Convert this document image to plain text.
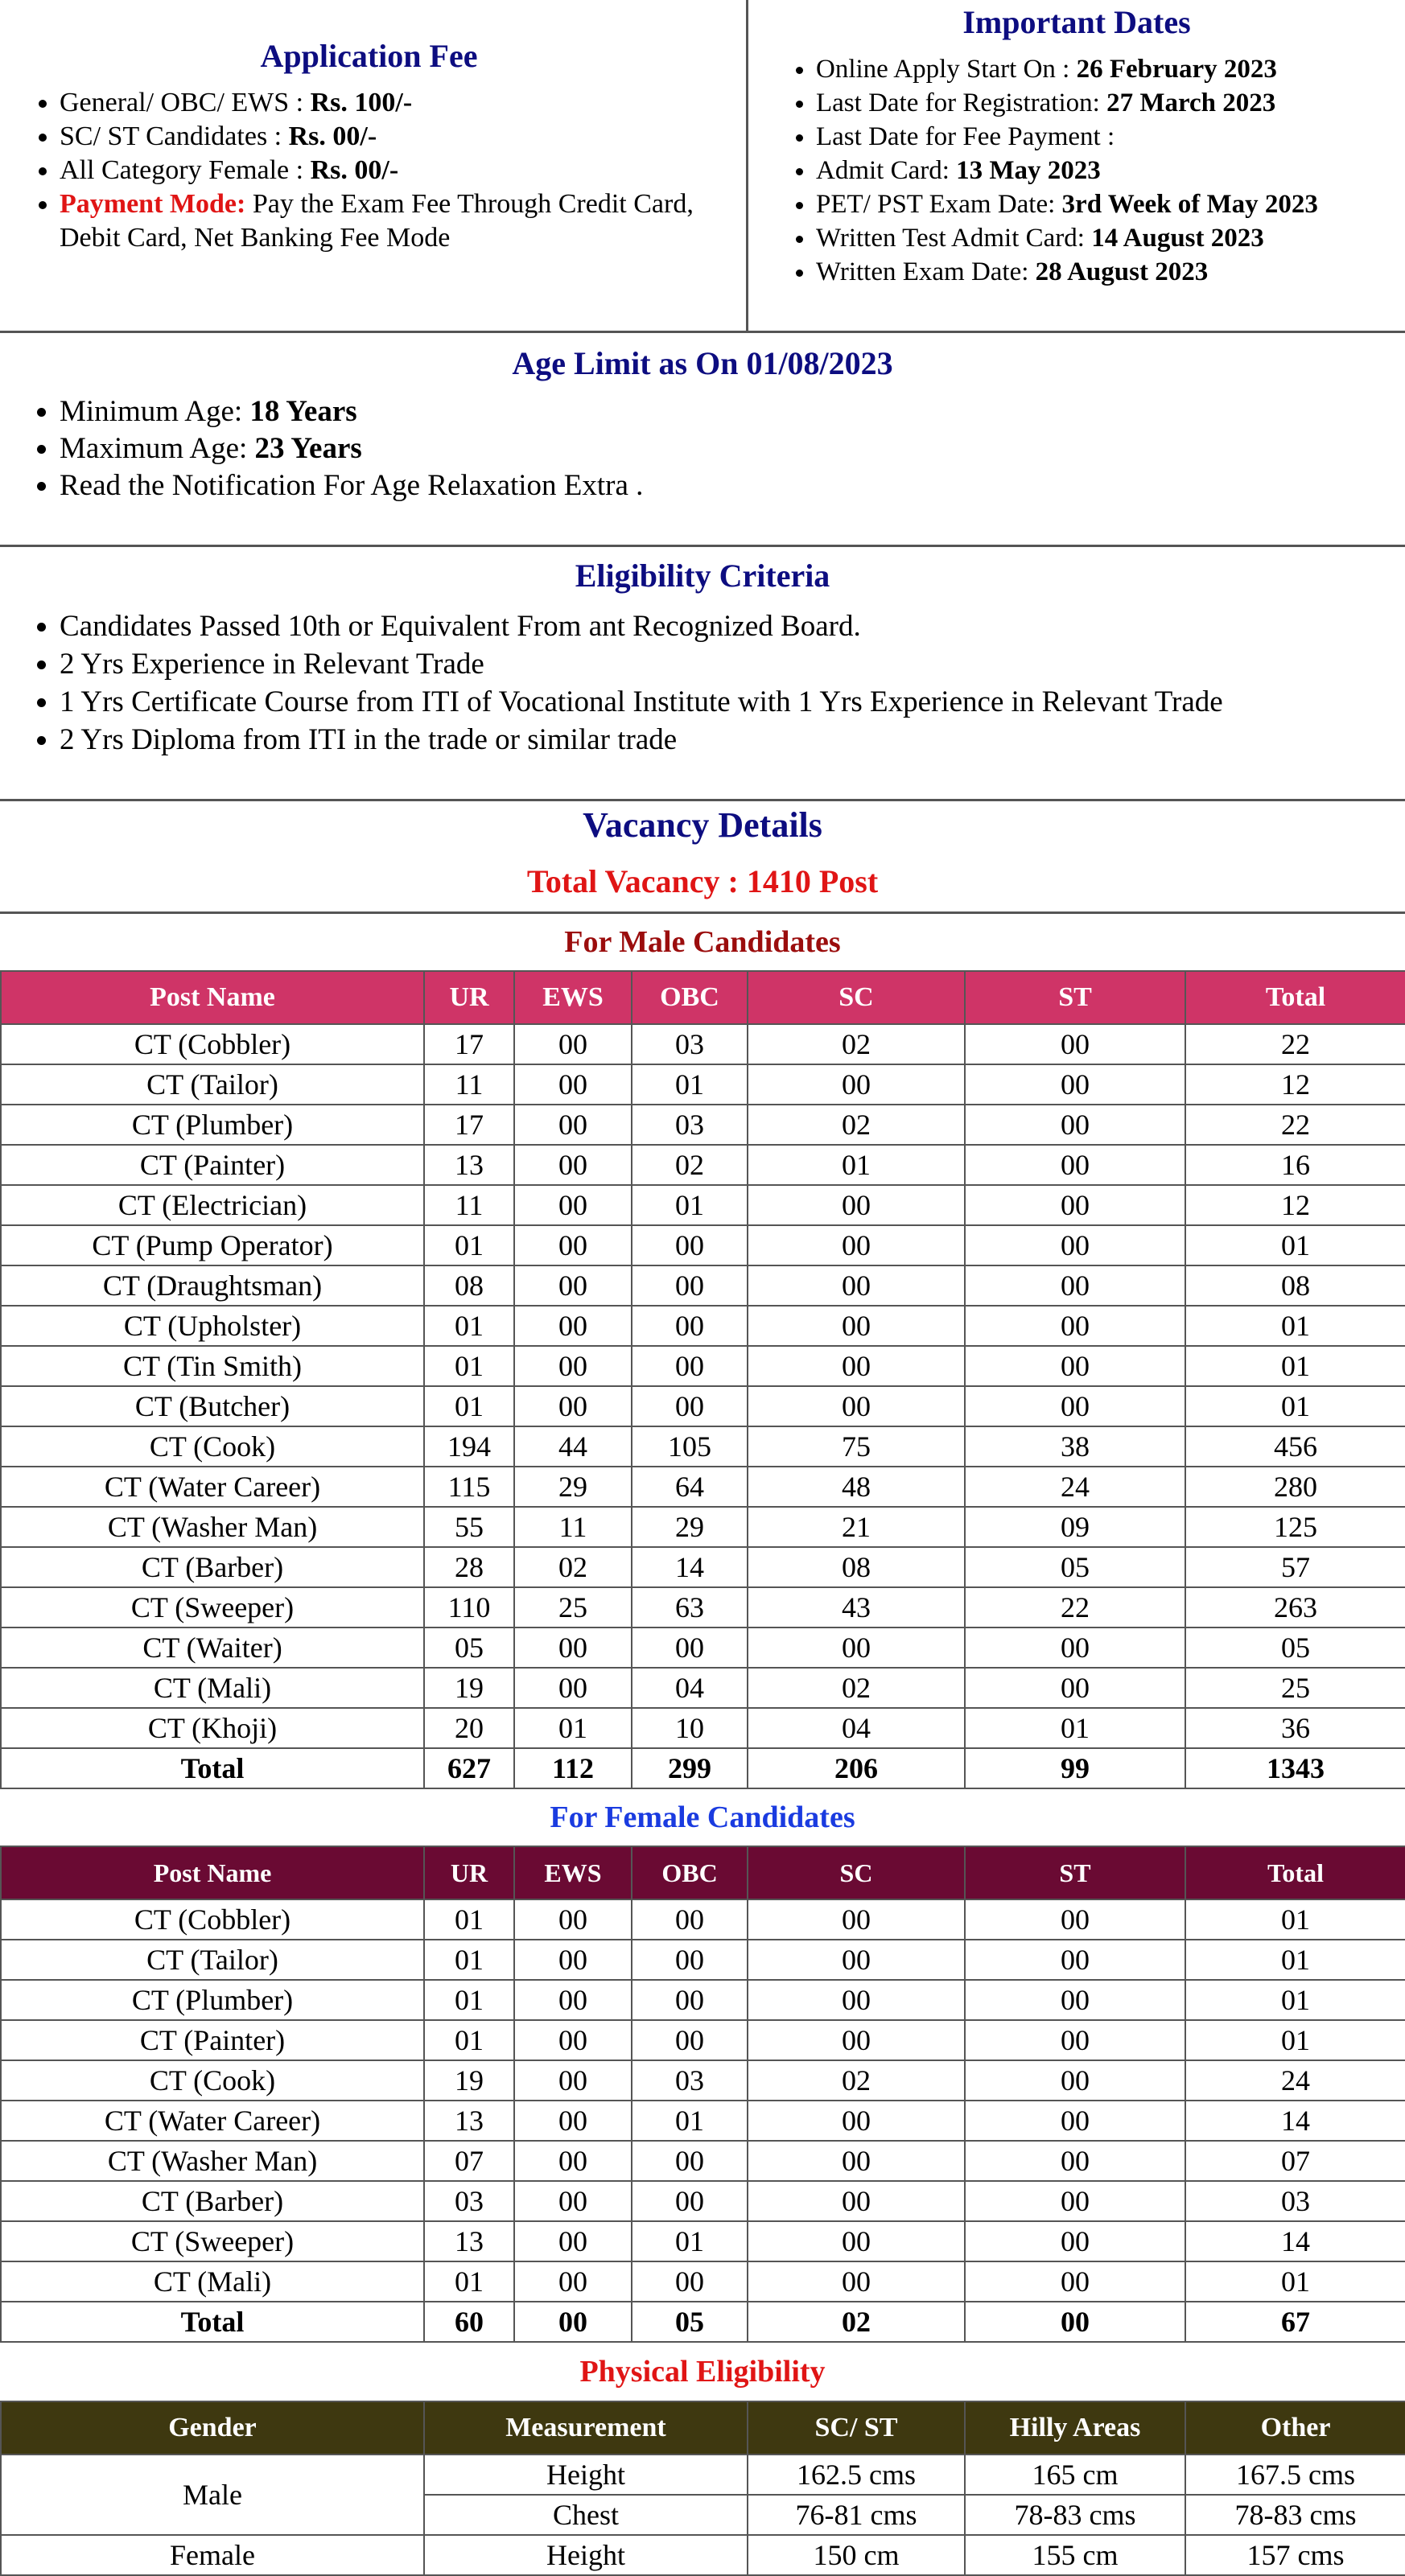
Application Fee
• General/ OBC/ EWS : Rs. 100/-
• SC/ ST Candidates : Rs. 00/-
• All Category Female : Rs. 00/-
• Payment Mode: Pay the Exam Fee Through Credit Card, Debit Card, Net Banking Fee Mode
Important Dates
• Online Apply Start On : 26 February 2023
• Last Date for Registration: 27 March 2023
• Last Date for Fee Payment :
• Admit Card: 13 May 2023
• PET/ PST Exam Date: 3rd Week of May 2023
• Written Test Admit Card: 14 August 2023
• Written Exam Date: 28 August 2023
Age Limit as On 01/08/2023
• Minimum Age: 18 Years
• Maximum Age: 23 Years
• Read the Notification For Age Relaxation Extra .
Eligibility Criteria
• Candidates Passed 10th or Equivalent From ant Recognized Board.
• 2 Yrs Experience in Relevant Trade
• 1 Yrs Certificate Course from ITI of Vocational Institute with 1 Yrs Experience in Relevant Trade
• 2 Yrs Diploma from ITI in the trade or similar trade
Vacancy Details
Total Vacancy : 1410 Post
For Male Candidates
Post Name	UR	EWS	OBC	SC	ST	Total
CT (Cobbler)	17	00	03	02	00	22
CT (Tailor)	11	00	01	00	00	12
CT (Plumber)	17	00	03	02	00	22
CT (Painter)	13	00	02	01	00	16
CT (Electrician)	11	00	01	00	00	12
CT (Pump Operator)	01	00	00	00	00	01
CT (Draughtsman)	08	00	00	00	00	08
CT (Upholster)	01	00	00	00	00	01
CT (Tin Smith)	01	00	00	00	00	01
CT (Butcher)	01	00	00	00	00	01
CT (Cook)	194	44	105	75	38	456
CT (Water Career)	115	29	64	48	24	280
CT (Washer Man)	55	11	29	21	09	125
CT (Barber)	28	02	14	08	05	57
CT (Sweeper)	110	25	63	43	22	263
CT (Waiter)	05	00	00	00	00	05
CT (Mali)	19	00	04	02	00	25
CT (Khoji)	20	01	10	04	01	36
Total	627	112	299	206	99	1343
For Female Candidates
Post Name	UR	EWS	OBC	SC	ST	Total
CT (Cobbler)	01	00	00	00	00	01
CT (Tailor)	01	00	00	00	00	01
CT (Plumber)	01	00	00	00	00	01
CT (Painter)	01	00	00	00	00	01
CT (Cook)	19	00	03	02	00	24
CT (Water Career)	13	00	01	00	00	14
CT (Washer Man)	07	00	00	00	00	07
CT (Barber)	03	00	00	00	00	03
CT (Sweeper)	13	00	01	00	00	14
CT (Mali)	01	00	00	00	00	01
Total	60	00	05	02	00	67
Physical Eligibility
Gender	Measurement	SC/ ST	Hilly Areas	Other
Male	Height	162.5 cms	165 cm	167.5 cms
	Chest	76-81 cms	78-83 cms	78-83 cms
Female	Height	150 cm	155 cm	157 cms
